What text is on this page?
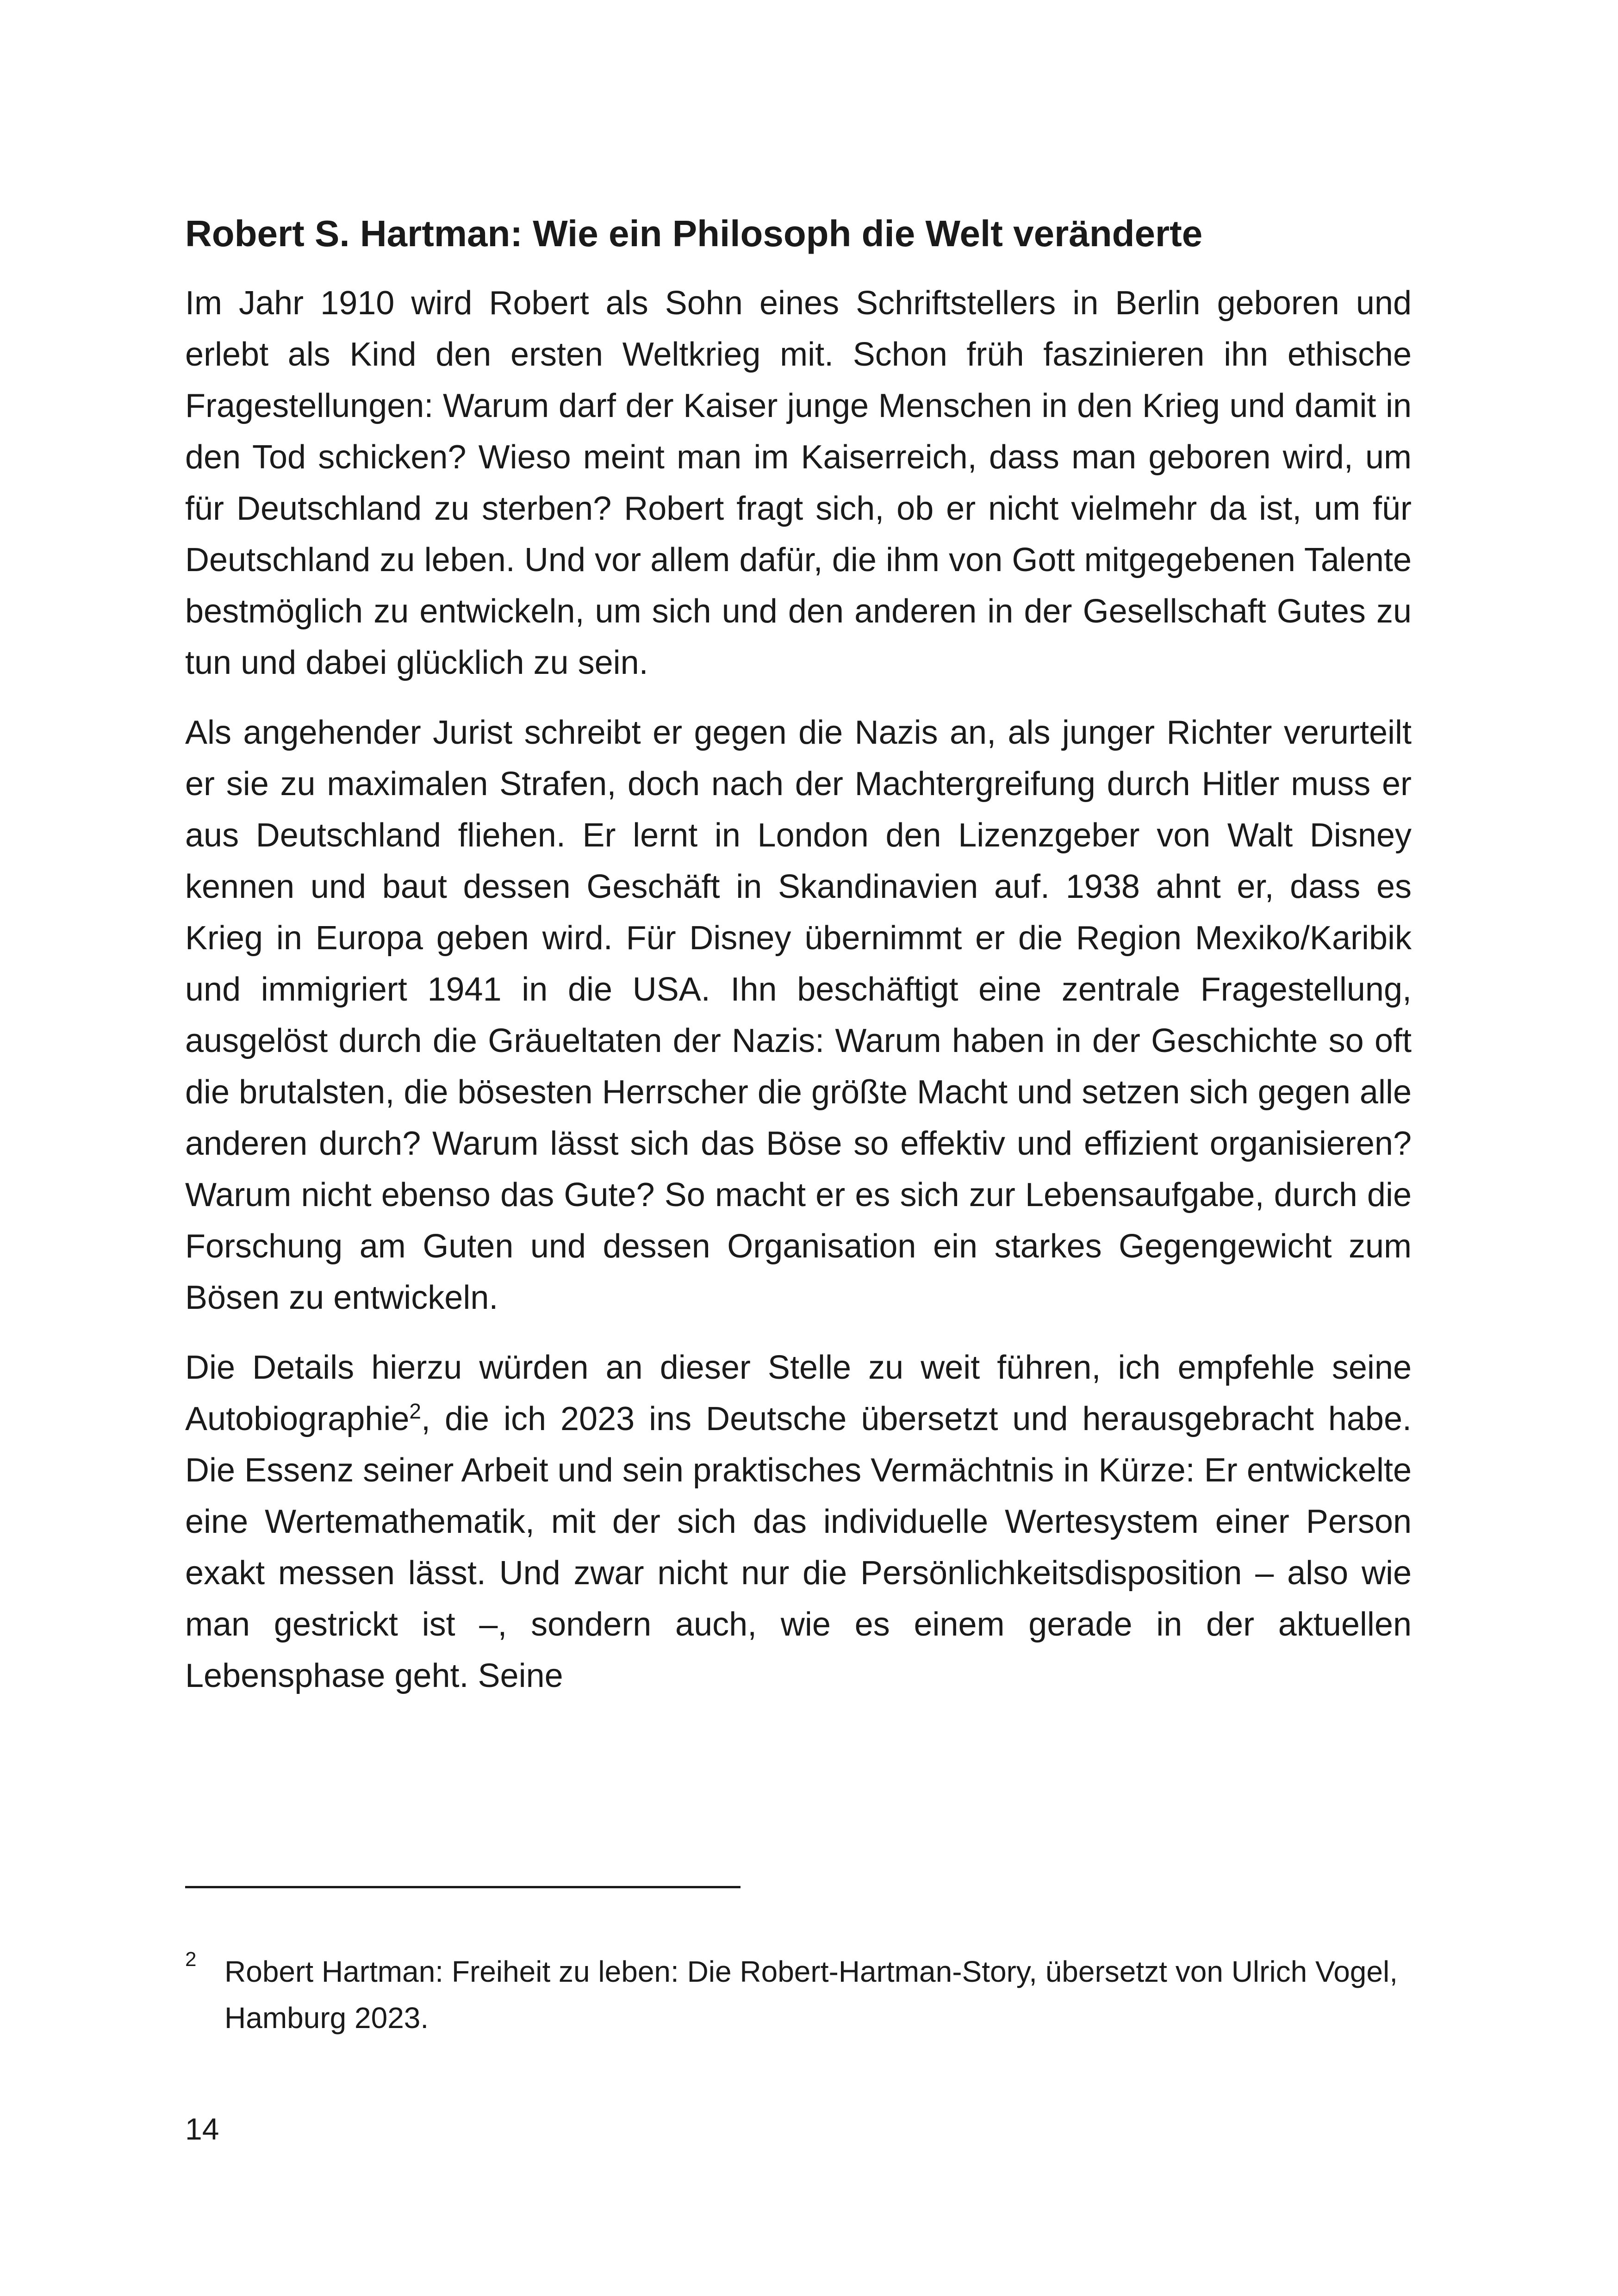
Robert S. Hartman: Wie ein Philosoph die Welt veränderte

Im Jahr 1910 wird Robert als Sohn eines Schriftstellers in Berlin geboren und erlebt als Kind den ersten Weltkrieg mit. Schon früh faszinieren ihn ethische Fragestellungen: Warum darf der Kaiser junge Menschen in den Krieg und damit in den Tod schicken? Wieso meint man im Kaiserreich, dass man geboren wird, um für Deutschland zu sterben? Robert fragt sich, ob er nicht vielmehr da ist, um für Deutschland zu leben. Und vor allem dafür, die ihm von Gott mitgegebenen Talente bestmöglich zu entwickeln, um sich und den anderen in der Gesellschaft Gutes zu tun und dabei glücklich zu sein.

Als angehender Jurist schreibt er gegen die Nazis an, als junger Richter verurteilt er sie zu maximalen Strafen, doch nach der Machtergreifung durch Hitler muss er aus Deutschland fliehen. Er lernt in London den Lizenzgeber von Walt Disney kennen und baut dessen Geschäft in Skandinavien auf. 1938 ahnt er, dass es Krieg in Europa geben wird. Für Disney übernimmt er die Region Mexiko/Karibik und immigriert 1941 in die USA. Ihn beschäftigt eine zentrale Fragestellung, ausgelöst durch die Gräueltaten der Nazis: Warum haben in der Geschichte so oft die brutalsten, die bösesten Herrscher die größte Macht und setzen sich gegen alle anderen durch? Warum lässt sich das Böse so effektiv und effizient organisieren? Warum nicht ebenso das Gute? So macht er es sich zur Lebensaufgabe, durch die Forschung am Guten und dessen Organisation ein starkes Gegengewicht zum Bösen zu entwickeln.

Die Details hierzu würden an dieser Stelle zu weit führen, ich empfehle seine Autobiographie$^2$, die ich 2023 ins Deutsche übersetzt und herausgebracht habe. Die Essenz seiner Arbeit und sein praktisches Vermächtnis in Kürze: Er entwickelte eine Wertemathematik, mit der sich das individuelle Wertesystem einer Person exakt messen lässt. Und zwar nicht nur die Persönlichkeitsdisposition – also wie man gestrickt ist –, sondern auch, wie es einem gerade in der aktuellen Lebensphase geht. Seine

2 Robert Hartman: Freiheit zu leben: Die Robert-Hartman-Story, übersetzt von Ulrich Vogel, Hamburg 2023.
14
